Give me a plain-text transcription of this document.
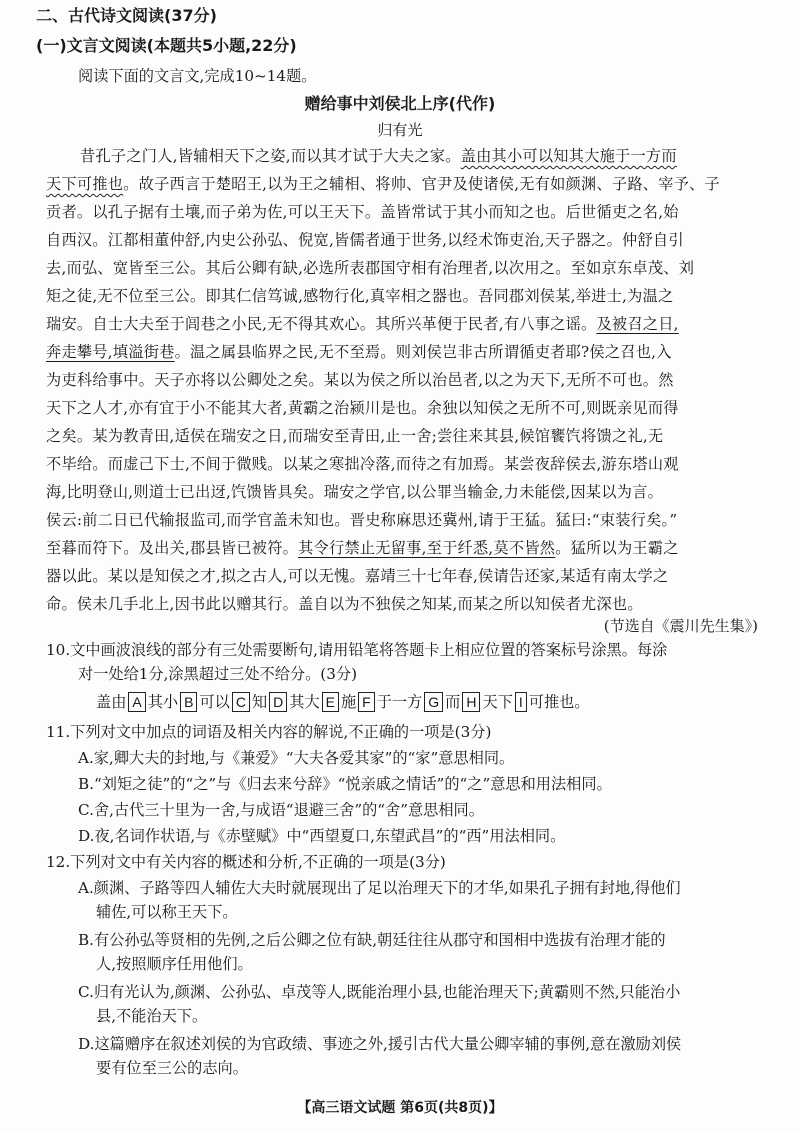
二、古代诗文阅读(37分)
(一)文言文阅读(本题共5小题,22分)
阅读下面的文言文,完成10~14题。
赠给事中刘侯北上序(代作)
归有光
昔孔子之门人,皆辅相天下之姿,而以其才试于大夫之家。盖由其小可以知其大施于一方而
天下可推也。故子西言于楚昭王,以为王之辅相、将帅、官尹及使诸侯,无有如颜渊、子路、宰予、子
贡者。以孔子据有土壤,而子弟为佐,可以王天下。盖皆常试于其小而知之也。后世循吏之名,始
自西汉。江都相董仲舒,内史公孙弘、倪宽,皆儒者通于世务,以经术饰吏治,天子器之。仲舒自引
去,而弘、宽皆至三公。其后公卿有缺,必选所表郡国守相有治理者,以次用之。至如京东卓茂、刘
矩之徒,无不位至三公。即其仁信笃诚,感物行化,真宰相之器也。吾同郡刘侯某,举进士,为温之
瑞安。自士大夫至于闾巷之小民,无不得其欢心。其所兴革便于民者,有八事之谣。及被召之日,
奔走攀号,填溢街巷。温之属县临界之民,无不至焉。则刘侯岂非古所谓循吏者耶?侯之召也,入
为吏科给事中。天子亦将以公卿处之矣。某以为侯之所以治邑者,以之为天下,无所不可也。然
天下之人才,亦有宜于小不能其大者,黄霸之治颍川是也。余独以知侯之无所不可,则既亲见而得
之矣。某为教青田,适侯在瑞安之日,而瑞安至青田,止一舍;尝往来其县,候馆饔饩将馈之礼,无
不毕给。而虚己下士,不间于微贱。以某之寒拙冷落,而待之有加焉。某尝夜辞侯去,游东塔山观
海,比明登山,则道士已出迓,饩馈皆具矣。瑞安之学官,以公罪当输金,力未能偿,因某以为言。
侯云:前二日已代输报监司,而学官盖未知也。晋史称麻思还冀州,请于王猛。猛曰:“束装行矣。”
至暮而符下。及出关,郡县皆已被符。其令行禁止无留事,至于纤悉,莫不皆然。猛所以为王霸之
器以此。某以是知侯之才,拟之古人,可以无愧。嘉靖三十七年春,侯请告还家,某适有南太学之
命。侯未几手北上,因书此以赠其行。盖自以为不独侯之知某,而某之所以知侯者尤深也。
(节选自《震川先生集》)
10.文中画波浪线的部分有三处需要断句,请用铅笔将答题卡上相应位置的答案标号涂黑。每涂
对一处给1分,涂黑超过三处不给分。(3分)
盖由 A 其小 B 可以 C 知 D 其大 E 施 F 于一方 G 而 H 天下 I 可推也。
11.下列对文中加点的词语及相关内容的解说,不正确的一项是(3分)
A.家,卿大夫的封地,与《兼爱》“大夫各爱其家”的“家”意思相同。
B.“刘矩之徒”的“之”与《归去来兮辞》“悦亲戚之情话”的“之”意思和用法相同。
C.舍,古代三十里为一舍,与成语“退避三舍”的“舍”意思相同。
D.夜,名词作状语,与《赤壁赋》中“西望夏口,东望武昌”的“西”用法相同。
12.下列对文中有关内容的概述和分析,不正确的一项是(3分)
A.颜渊、子路等四人辅佐大夫时就展现出了足以治理天下的才华,如果孔子拥有封地,得他们
辅佐,可以称王天下。
B.有公孙弘等贤相的先例,之后公卿之位有缺,朝廷往往从郡守和国相中选拔有治理才能的
人,按照顺序任用他们。
C.归有光认为,颜渊、公孙弘、卓茂等人,既能治理小县,也能治理天下;黄霸则不然,只能治小
县,不能治天下。
D.这篇赠序在叙述刘侯的为官政绩、事迹之外,援引古代大量公卿宰辅的事例,意在激励刘侯
要有位至三公的志向。
【高三语文试题 第6页(共8页)】
